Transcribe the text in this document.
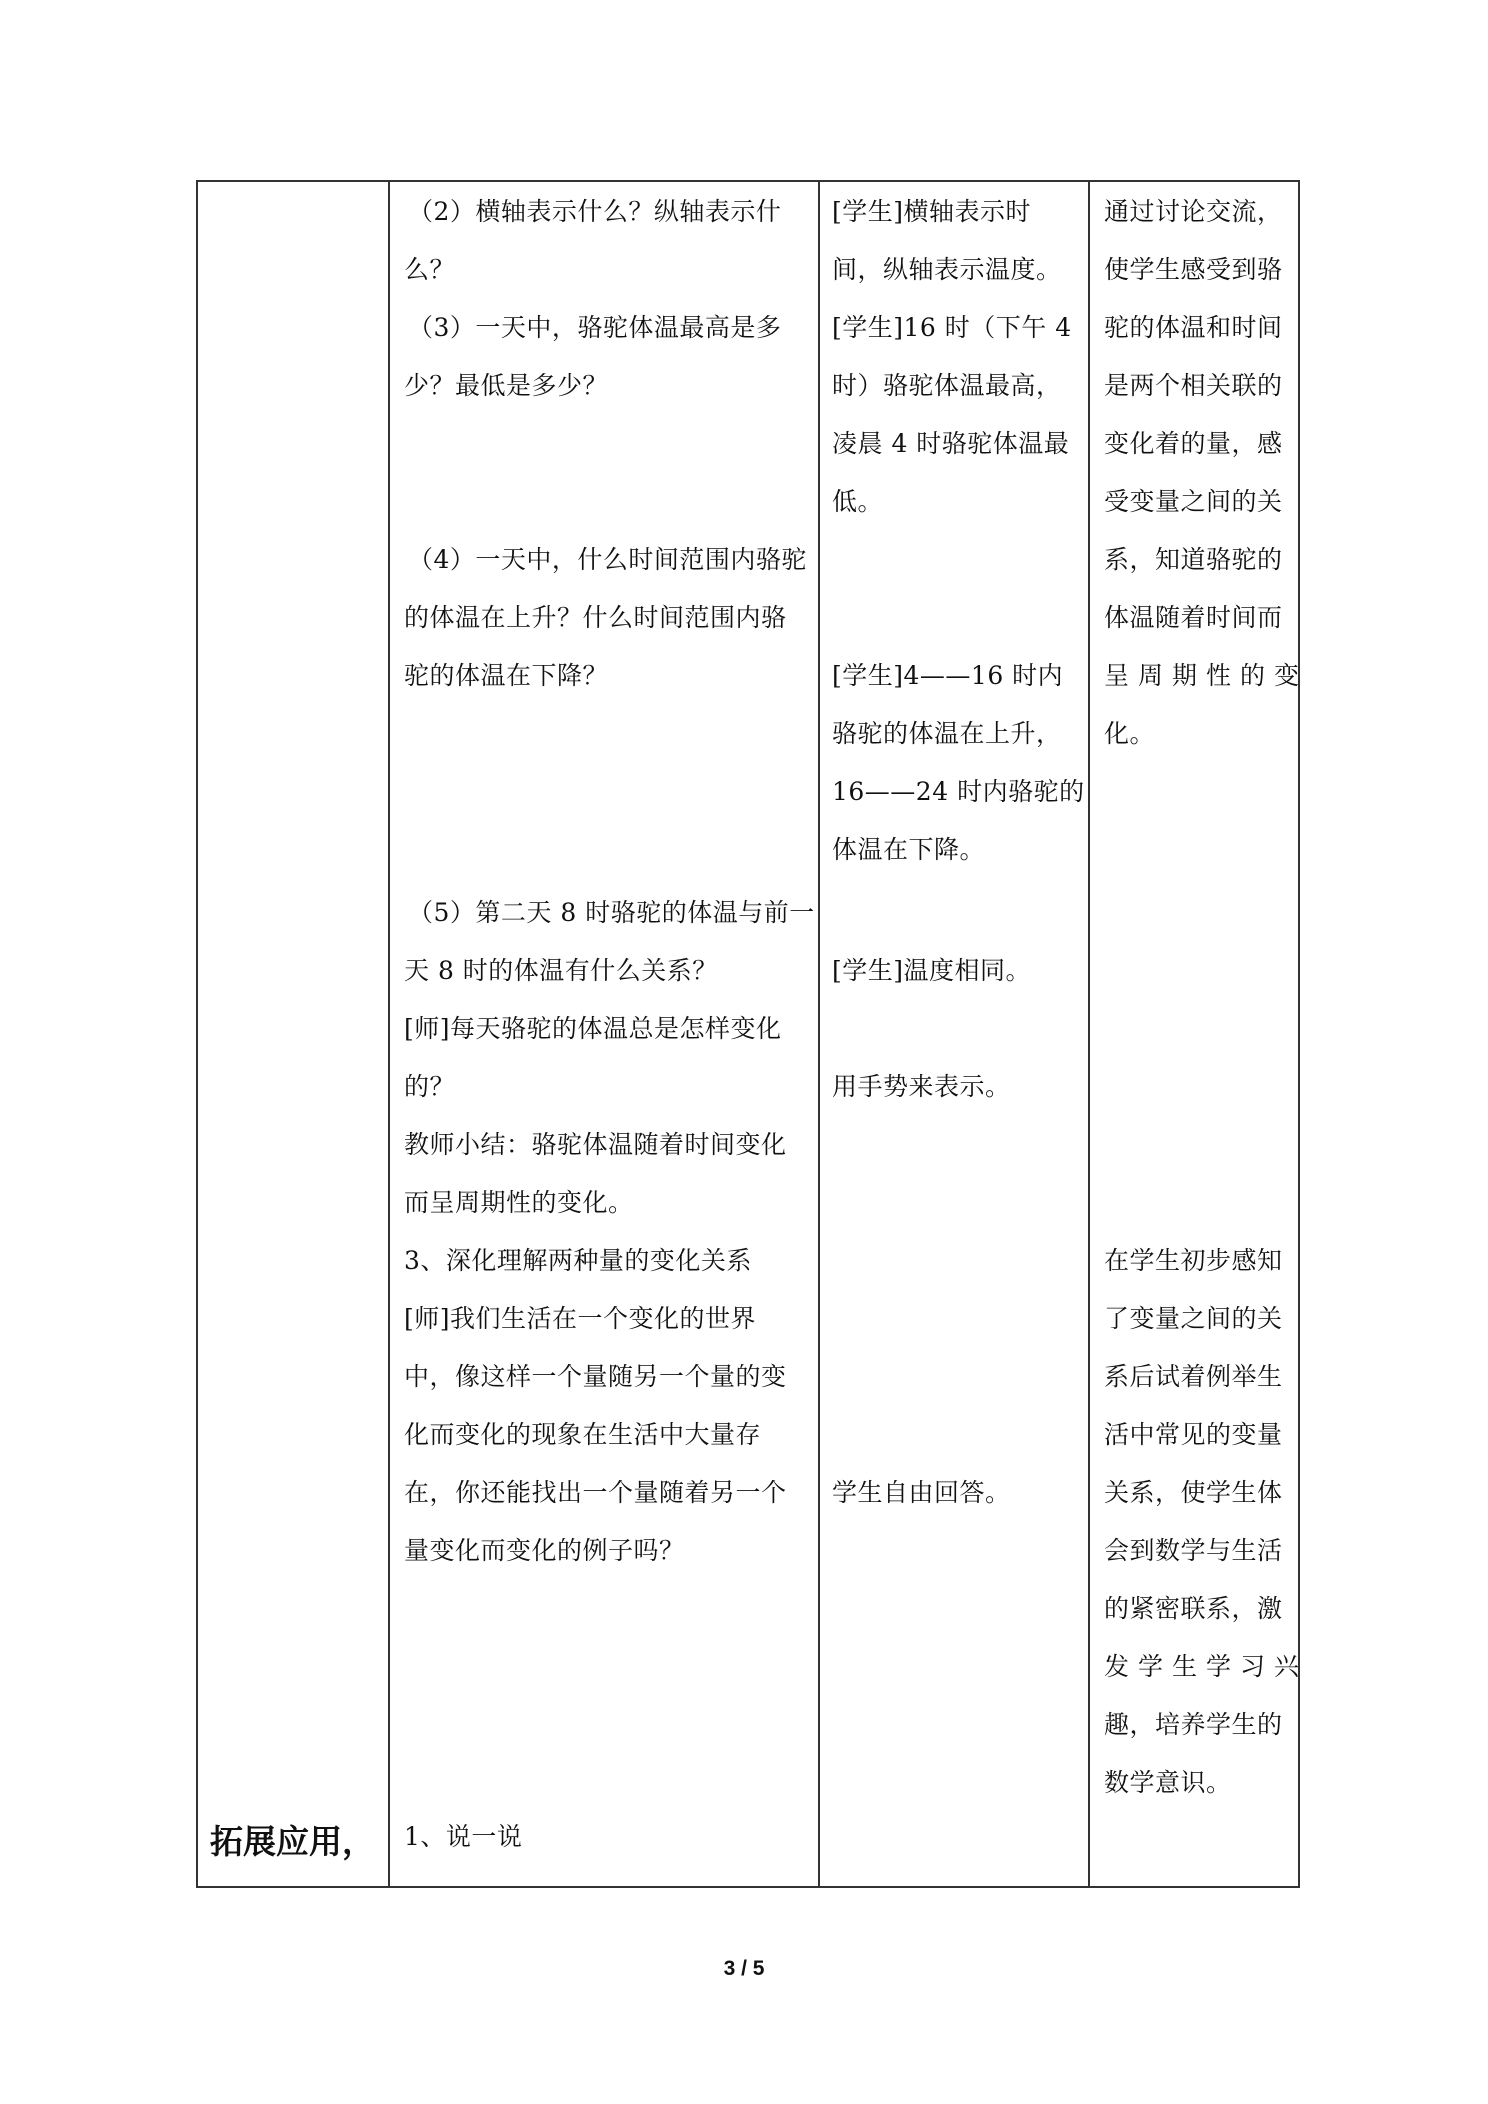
拓展应用，
（2）横轴表示什么？纵轴表示什
么？
（3）一天中，骆驼体温最高是多
少？最低是多少？
（4）一天中，什么时间范围内骆驼
的体温在上升？什么时间范围内骆
驼的体温在下降？
（5）第二天 8 时骆驼的体温与前一
天 8 时的体温有什么关系？
[师]每天骆驼的体温总是怎样变化
的？
教师小结：骆驼体温随着时间变化
而呈周期性的变化。
3、深化理解两种量的变化关系
[师]我们生活在一个变化的世界
中，像这样一个量随另一个量的变
化而变化的现象在生活中大量存
在，你还能找出一个量随着另一个
量变化而变化的例子吗？
1、说一说
[学生]横轴表示时
间，纵轴表示温度。
[学生]16 时（下午 4
时）骆驼体温最高，
凌晨 4 时骆驼体温最
低。
[学生]4——16 时内
骆驼的体温在上升，
16——24 时内骆驼的
体温在下降。
[学生]温度相同。
用手势来表示。
学生自由回答。
通过讨论交流，
使学生感受到骆
驼的体温和时间
是两个相关联的
变化着的量，感
受变量之间的关
系，知道骆驼的
体温随着时间而
呈周期性的变
化。
在学生初步感知
了变量之间的关
系后试着例举生
活中常见的变量
关系，使学生体
会到数学与生活
的紧密联系，激
发学生学习兴
趣，培养学生的
数学意识。
3 / 5
